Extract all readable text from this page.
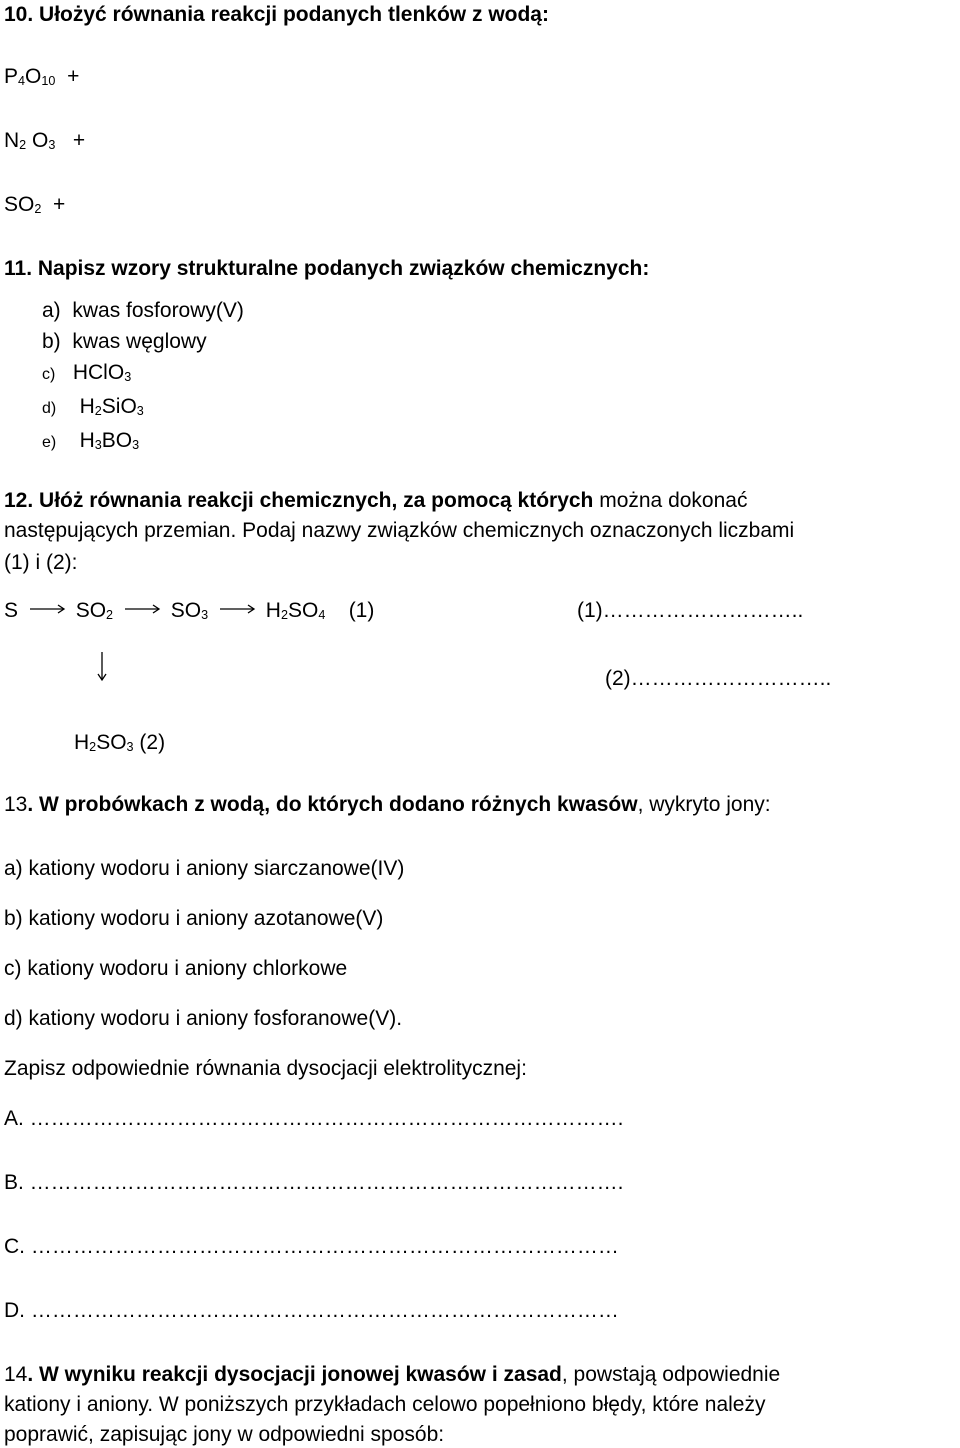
10. Ułożyć równania reakcji podanych tlenków z wodą:
$P_4O_{10}$ +
$N_2$ $O_3$ +
$SO_2$ +
11. Napisz wzory strukturalne podanych związków chemicznych:
a) kwas fosforowy(V)
b) kwas węglowy
c) HClO$_3$
d) $H_2SiO_3$
e) $H_3BO_3$
12. Ułóż równania reakcji chemicznych, za pomocą których można dokonać
następujących przemian. Podaj nazwy związków chemicznych oznaczonych liczbami
(1) i (2):
S	$SO_2$	$SO_3$	$H_2SO_4$ (1)	(1)………………………..
(2)………………………..
$H_2SO_3$ (2)
13. W probówkach z wodą, do których dodano różnych kwasów, wykryto jony:
a) kationy wodoru i aniony siarczanowe(IV)
b) kationy wodoru i aniony azotanowe(V)
c) kationy wodoru i aniony chlorkowe
d) kationy wodoru i aniony fosforanowe(V).
Zapisz odpowiednie równania dysocjacji elektrolitycznej:
A. ………………………………………………………………………….
B. ………………………………………………………………………….
C. …………………………………………………………………………
D. …………………………………………………………………………
14. W wyniku reakcji dysocjacji jonowej kwasów i zasad, powstają odpowiednie
kationy i aniony. W poniższych przykładach celowo popełniono błędy, które należy
poprawić, zapisując jony w odpowiedni sposób:
